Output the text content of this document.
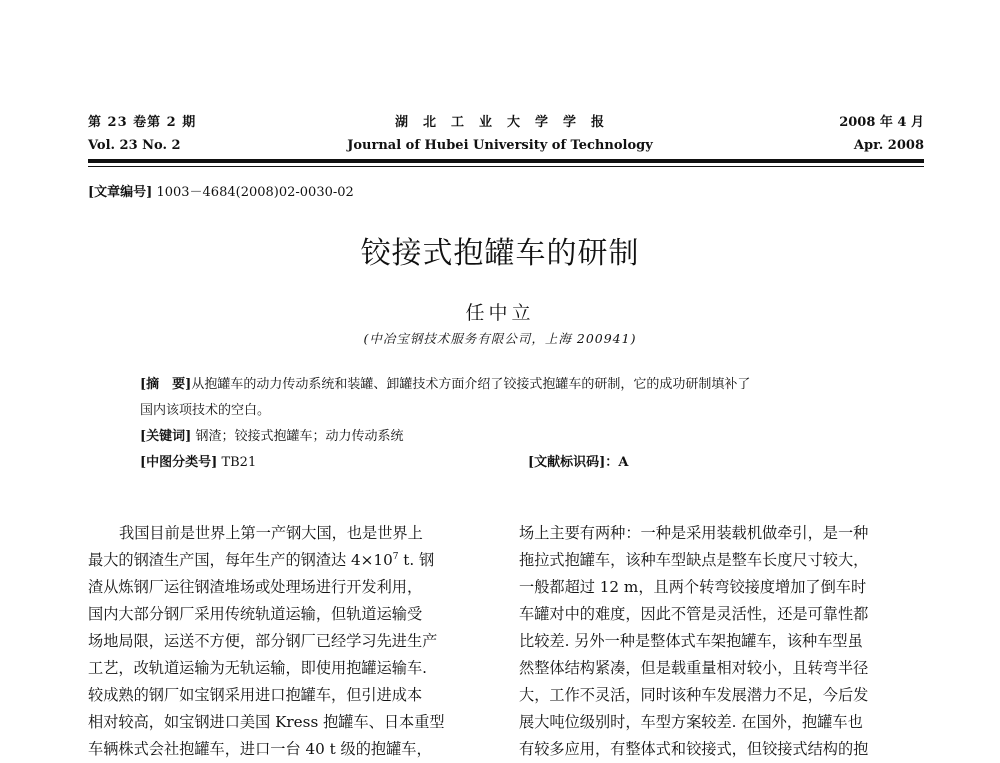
第 23 卷第 2 期
Vol. 23 No. 2
湖　北　工　业　大　学　学　报
Journal of Hubei University of Technology
2008 年 4 月
Apr. 2008
[文章编号] 1003－4684(2008)02-0030-02
铰接式抱罐车的研制
任中立
(中冶宝钢技术服务有限公司，上海 200941)
[摘　要]从抱罐车的动力传动系统和装罐、卸罐技术方面介绍了铰接式抱罐车的研制，它的成功研制填补了
国内该项技术的空白。
[关键词] 钢渣；铰接式抱罐车；动力传动系统
[中图分类号] TB21	[文献标识码]：A

我国目前是世界上第一产钢大国，也是世界上

最大的钢渣生产国，每年生产的钢渣达 $4\times 10^7$ t. 钢

渣从炼钢厂运往钢渣堆场或处理场进行开发利用，

国内大部分钢厂采用传统轨道运输，但轨道运输受

场地局限，运送不方便，部分钢厂已经学习先进生产

工艺，改轨道运输为无轨运输，即使用抱罐运输车.

较成熟的钢厂如宝钢采用进口抱罐车，但引进成本

相对较高，如宝钢进口美国 Kress 抱罐车、日本重型

车辆株式会社抱罐车，进口一台 40 t 级的抱罐车，

场上主要有两种：一种是采用装载机做牵引，是一种

拖拉式抱罐车，该种车型缺点是整车长度尺寸较大，

一般都超过 12 m，且两个转弯铰接度增加了倒车时

车罐对中的难度，因此不管是灵活性，还是可靠性都

比较差. 另外一种是整体式车架抱罐车，该种车型虽

然整体结构紧凑，但是载重量相对较小，且转弯半径

大，工作不灵活，同时该种车发展潜力不足，今后发

展大吨位级别时，车型方案较差. 在国外，抱罐车也

有较多应用，有整体式和铰接式，但铰接式结构的抱
